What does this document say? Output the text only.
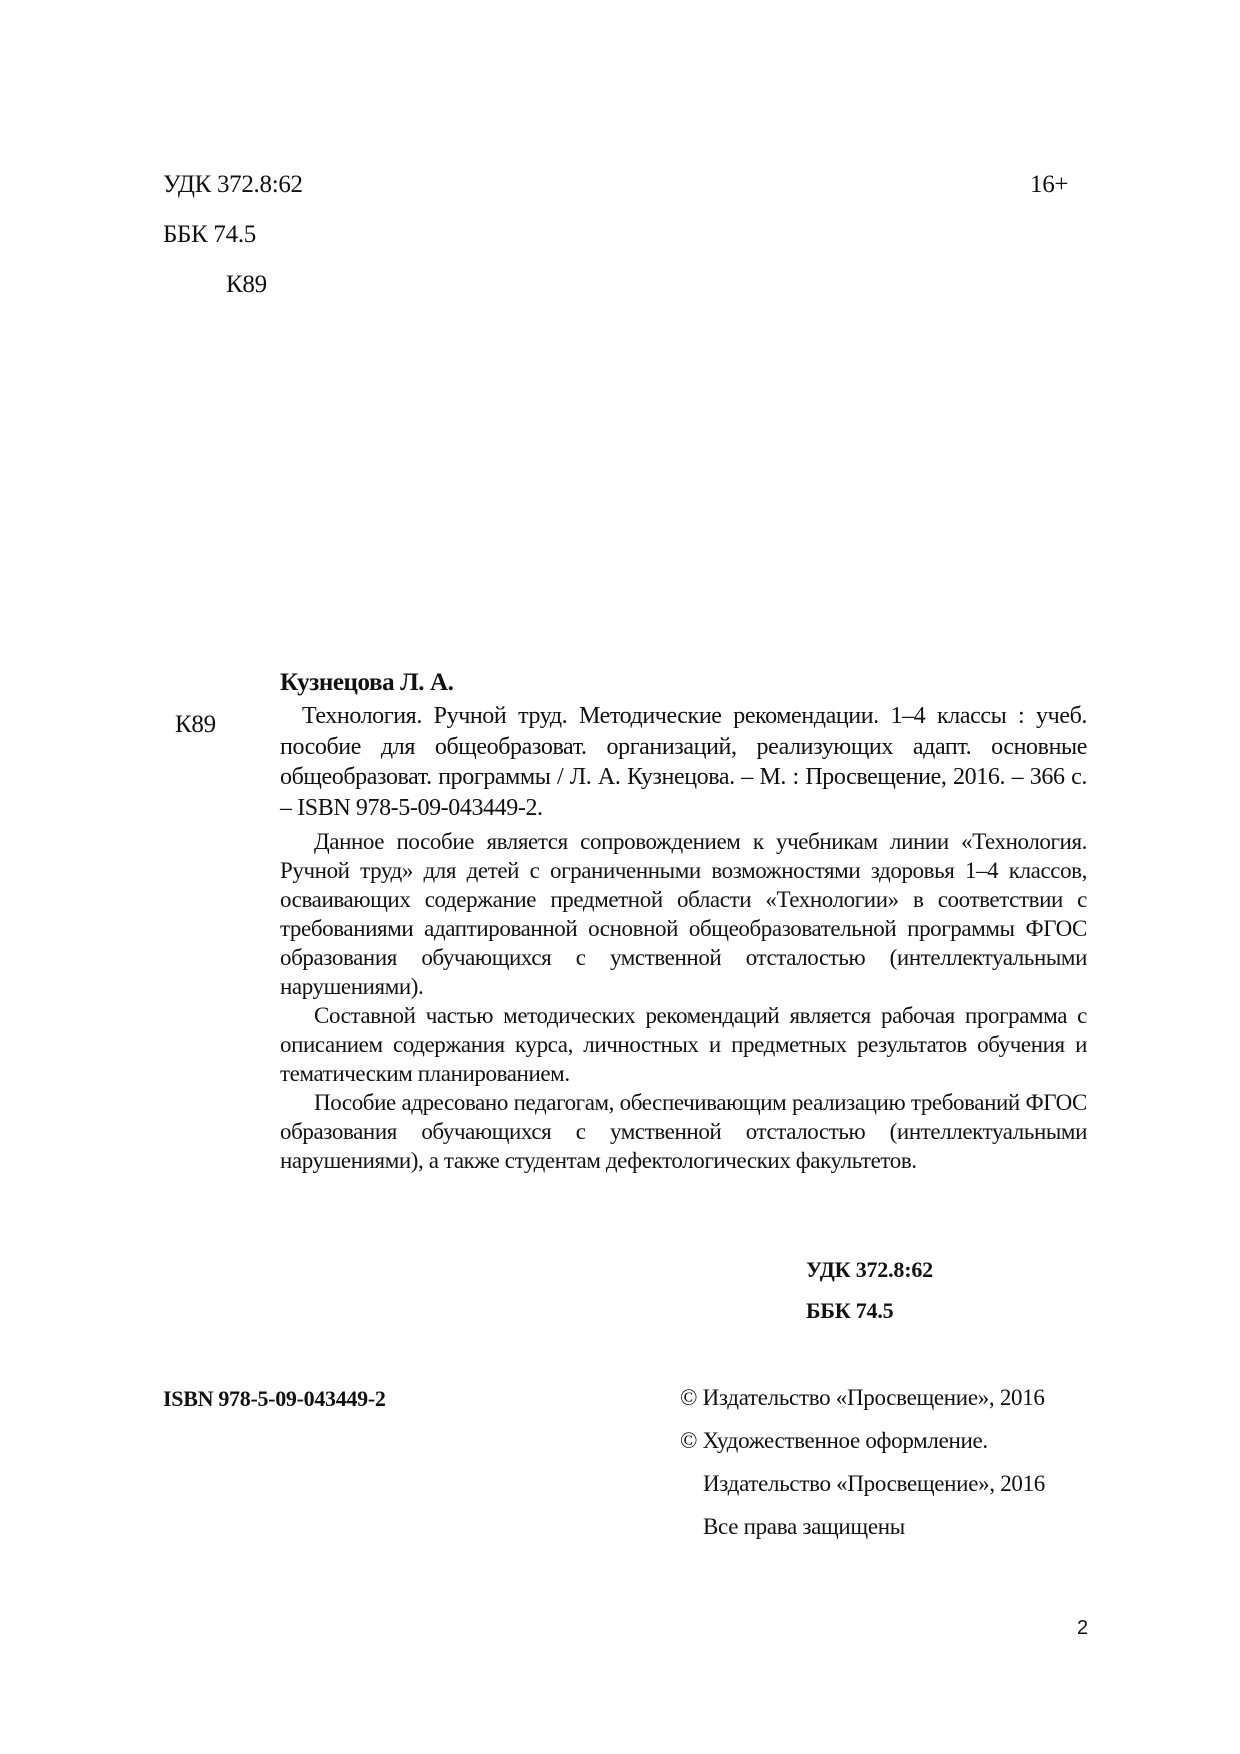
УДК 372.8:62	16+
ББК 74.5
К89
К89
Кузнецова Л. А.

Технология. Ручной труд. Методические рекомендации. 1–4 классы : учеб. пособие для общеобразоват. организаций, реализующих адапт. основные общеобразоват. программы / Л. А. Кузнецова. – М. : Просвещение, 2016. – 366 с. – ISBN 978-5-09-043449-2.

Данное пособие является сопровождением к учебникам линии «Технология. Ручной труд» для детей с ограниченными возможностями здоровья 1–4 классов, осваивающих содержание предметной области «Технологии» в соответствии с требованиями адаптированной основной общеобразовательной программы ФГОС образования обучающихся с умственной отсталостью (интеллектуальными нарушениями).

Составной частью методических рекомендаций является рабочая программа с описанием содержания курса, личностных и предметных результатов обучения и тематическим планированием.

Пособие адресовано педагогам, обеспечивающим реализацию требований ФГОС образования обучающихся с умственной отсталостью (интеллектуальными нарушениями), а также студентам дефектологических факультетов.

УДК 372.8:62
ББК 74.5
ISBN 978-5-09-043449-2	© Издательство «Просвещение», 2016
© Художественное оформление.
Издательство «Просвещение», 2016
Все права защищены
2
